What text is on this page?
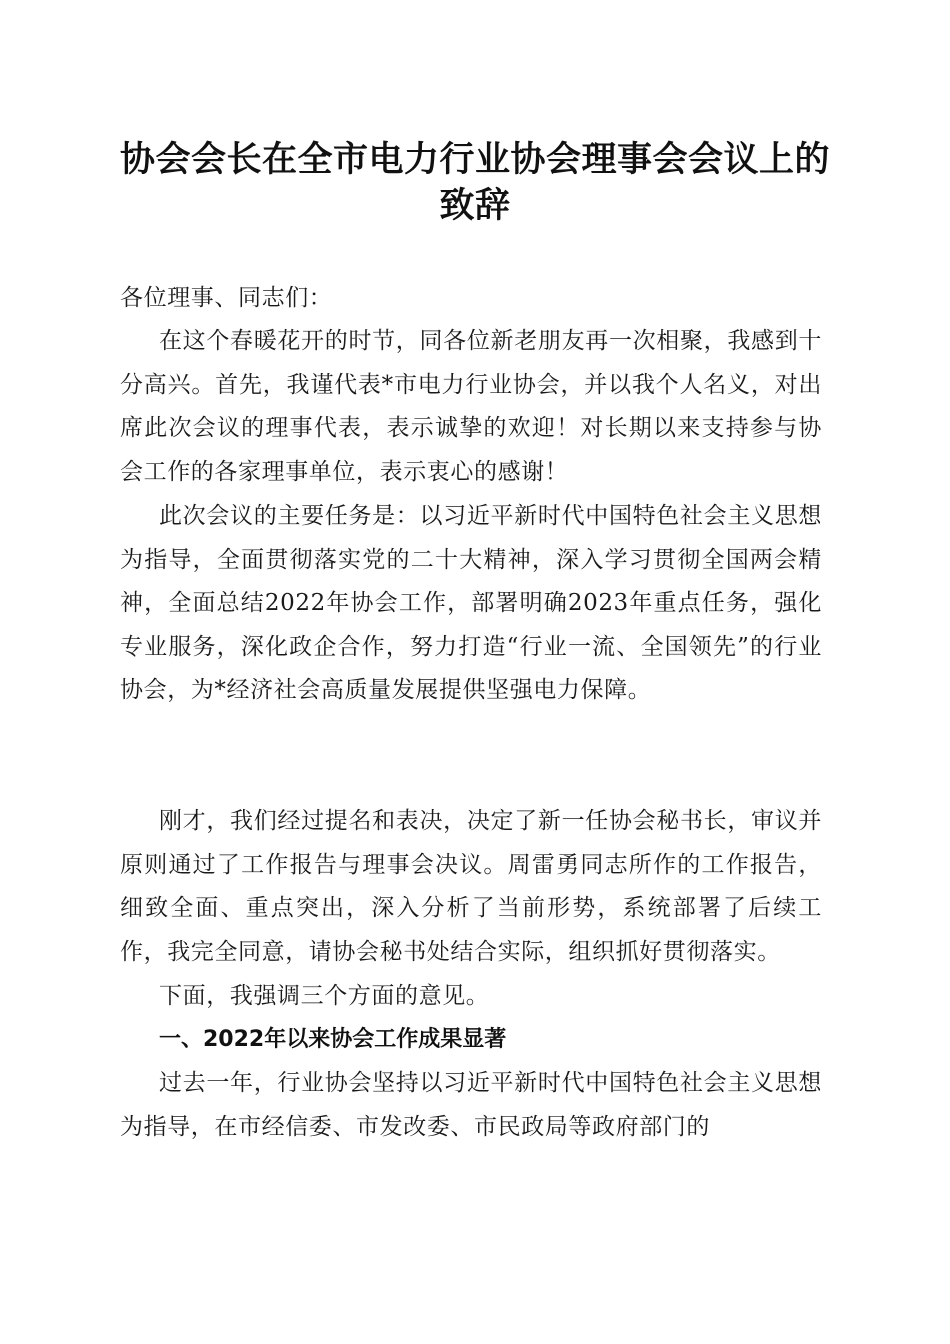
协会会长在全市电力行业协会理事会会议上的
致辞
各位理事、同志们：

在这个春暖花开的时节，同各位新老朋友再一次相聚，我感到十分高兴。首先，我谨代表*市电力行业协会，并以我个人名义，对出席此次会议的理事代表，表示诚挚的欢迎！对长期以来支持参与协会工作的各家理事单位，表示衷心的感谢！

此次会议的主要任务是：以习近平新时代中国特色社会主义思想为指导，全面贯彻落实党的二十大精神，深入学习贯彻全国两会精神，全面总结2022年协会工作，部署明确2023年重点任务，强化专业服务，深化政企合作，努力打造“行业一流、全国领先”的行业协会，为*经济社会高质量发展提供坚强电力保障。

刚才，我们经过提名和表决，决定了新一任协会秘书长，审议并原则通过了工作报告与理事会决议。周雷勇同志所作的工作报告，细致全面、重点突出，深入分析了当前形势，系统部署了后续工作，我完全同意，请协会秘书处结合实际，组织抓好贯彻落实。

下面，我强调三个方面的意见。

一、2022年以来协会工作成果显著

过去一年，行业协会坚持以习近平新时代中国特色社会主义思想为指导，在市经信委、市发改委、市民政局等政府部门的
